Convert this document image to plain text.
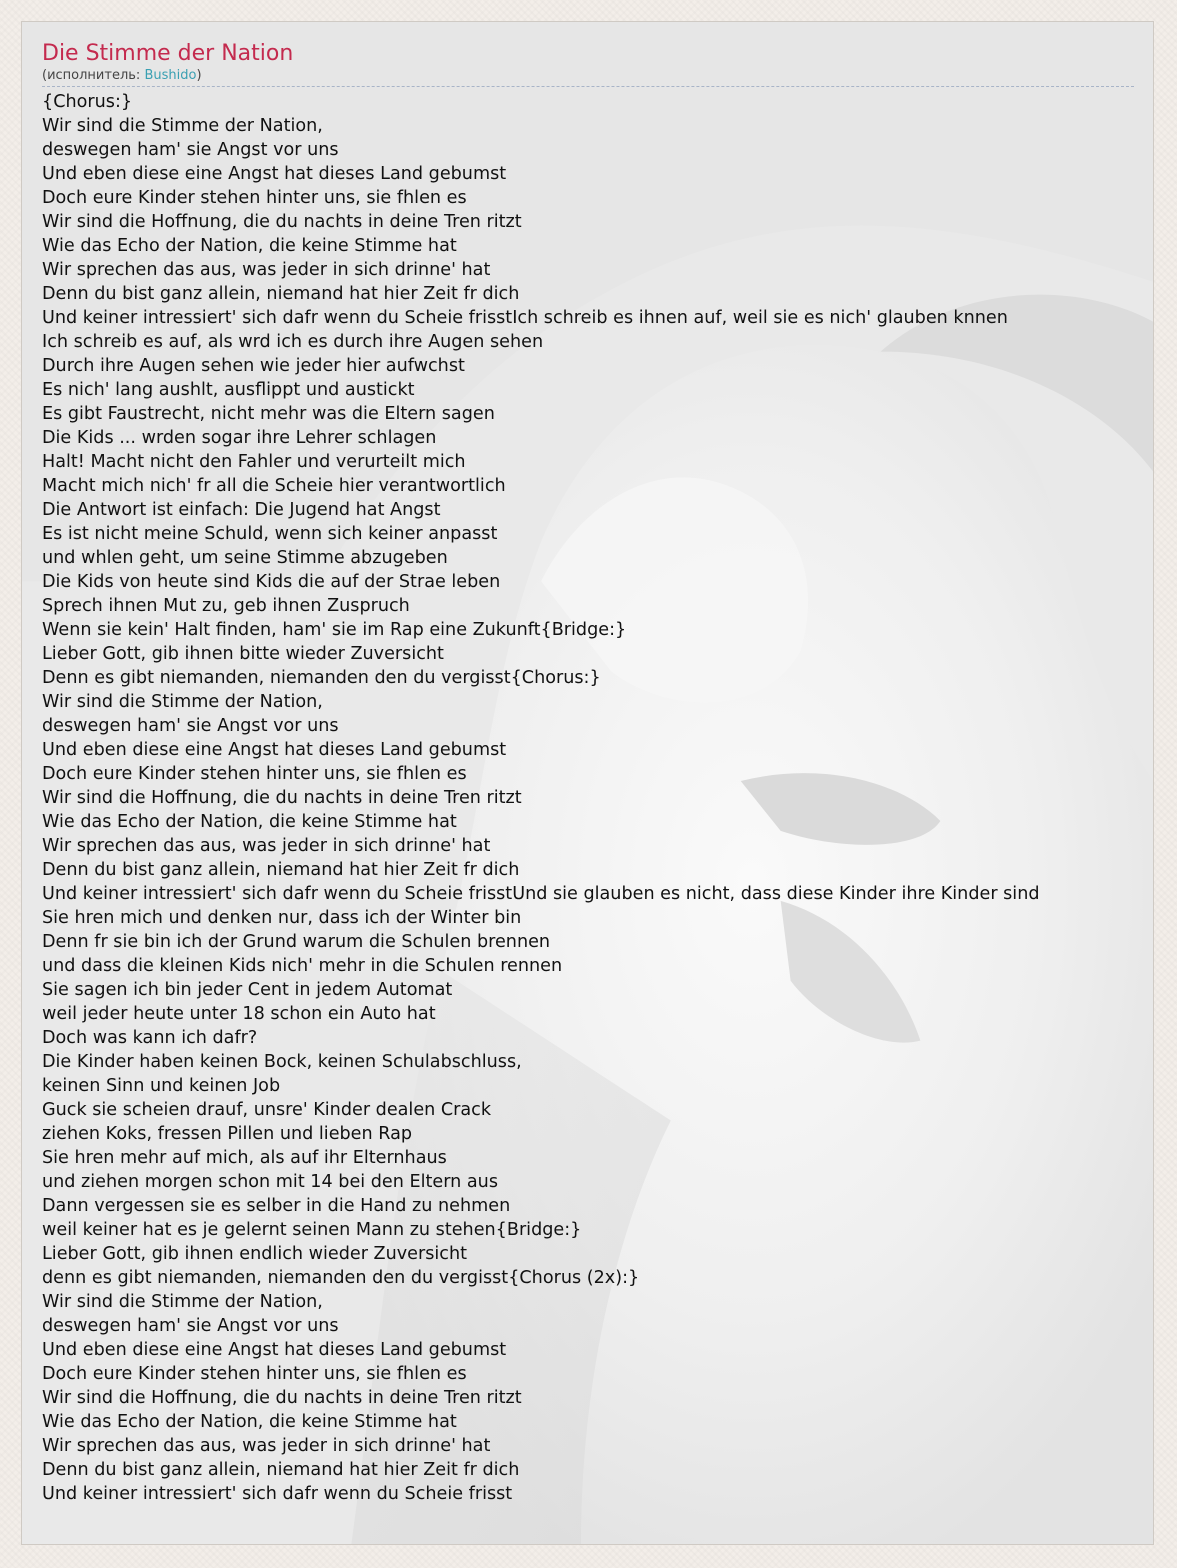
Die Stimme der Nation
(исполнитель: Bushido)
{Chorus:}
Wir sind die Stimme der Nation,
deswegen ham' sie Angst vor uns
Und eben diese eine Angst hat dieses Land gebumst
Doch eure Kinder stehen hinter uns, sie fhlen es
Wir sind die Hoffnung, die du nachts in deine Tren ritzt
Wie das Echo der Nation, die keine Stimme hat
Wir sprechen das aus, was jeder in sich drinne' hat
Denn du bist ganz allein, niemand hat hier Zeit fr dich
Und keiner intressiert' sich dafr wenn du Scheie frisstIch schreib es ihnen auf, weil sie es nich' glauben knnen
Ich schreib es auf, als wrd ich es durch ihre Augen sehen
Durch ihre Augen sehen wie jeder hier aufwchst
Es nich' lang aushlt, ausflippt und austickt
Es gibt Faustrecht, nicht mehr was die Eltern sagen
Die Kids ... wrden sogar ihre Lehrer schlagen
Halt! Macht nicht den Fahler und verurteilt mich
Macht mich nich' fr all die Scheie hier verantwortlich
Die Antwort ist einfach: Die Jugend hat Angst
Es ist nicht meine Schuld, wenn sich keiner anpasst
und whlen geht, um seine Stimme abzugeben
Die Kids von heute sind Kids die auf der Strae leben
Sprech ihnen Mut zu, geb ihnen Zuspruch
Wenn sie kein' Halt finden, ham' sie im Rap eine Zukunft{Bridge:}
Lieber Gott, gib ihnen bitte wieder Zuversicht
Denn es gibt niemanden, niemanden den du vergisst{Chorus:}
Wir sind die Stimme der Nation,
deswegen ham' sie Angst vor uns
Und eben diese eine Angst hat dieses Land gebumst
Doch eure Kinder stehen hinter uns, sie fhlen es
Wir sind die Hoffnung, die du nachts in deine Tren ritzt
Wie das Echo der Nation, die keine Stimme hat
Wir sprechen das aus, was jeder in sich drinne' hat
Denn du bist ganz allein, niemand hat hier Zeit fr dich
Und keiner intressiert' sich dafr wenn du Scheie frisstUnd sie glauben es nicht, dass diese Kinder ihre Kinder sind
Sie hren mich und denken nur, dass ich der Winter bin
Denn fr sie bin ich der Grund warum die Schulen brennen
und dass die kleinen Kids nich' mehr in die Schulen rennen
Sie sagen ich bin jeder Cent in jedem Automat
weil jeder heute unter 18 schon ein Auto hat
Doch was kann ich dafr?
Die Kinder haben keinen Bock, keinen Schulabschluss,
keinen Sinn und keinen Job
Guck sie scheien drauf, unsre' Kinder dealen Crack
ziehen Koks, fressen Pillen und lieben Rap
Sie hren mehr auf mich, als auf ihr Elternhaus
und ziehen morgen schon mit 14 bei den Eltern aus
Dann vergessen sie es selber in die Hand zu nehmen
weil keiner hat es je gelernt seinen Mann zu stehen{Bridge:}
Lieber Gott, gib ihnen endlich wieder Zuversicht
denn es gibt niemanden, niemanden den du vergisst{Chorus (2x):}
Wir sind die Stimme der Nation,
deswegen ham' sie Angst vor uns
Und eben diese eine Angst hat dieses Land gebumst
Doch eure Kinder stehen hinter uns, sie fhlen es
Wir sind die Hoffnung, die du nachts in deine Tren ritzt
Wie das Echo der Nation, die keine Stimme hat
Wir sprechen das aus, was jeder in sich drinne' hat
Denn du bist ganz allein, niemand hat hier Zeit fr dich
Und keiner intressiert' sich dafr wenn du Scheie frisst
